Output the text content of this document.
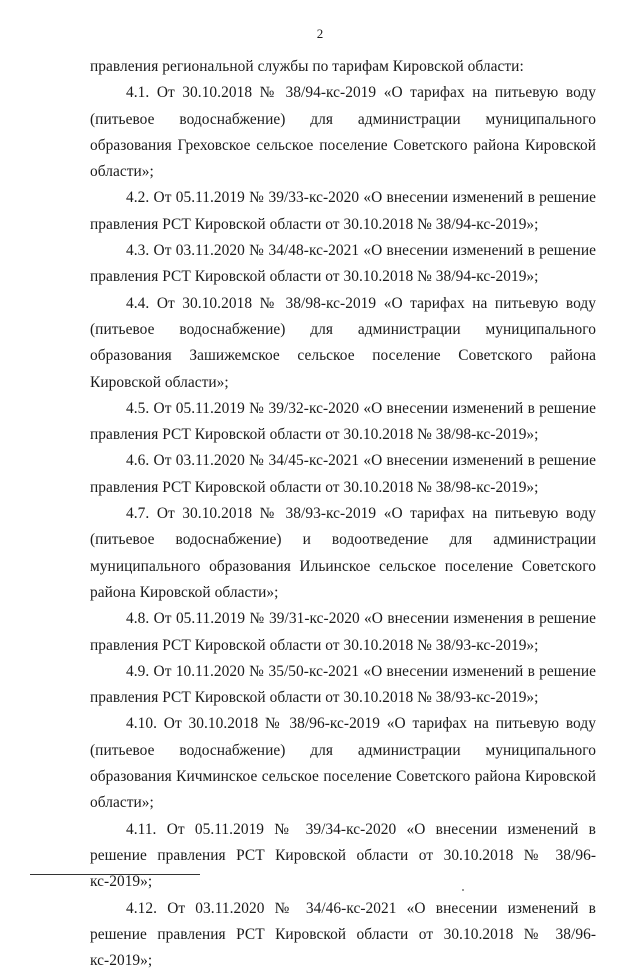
2

правления региональной службы по тарифам Кировской области:

4.1. От 30.10.2018 № 38/94-кс-2019 «О тарифах на питьевую воду (питьевое водоснабжение) для администрации муниципального образования Греховское сельское поселение Советского района Кировской области»;

4.2. От 05.11.2019 № 39/33-кс-2020 «О внесении изменений в решение правления РСТ Кировской области от 30.10.2018 № 38/94-кс-2019»;

4.3. От 03.11.2020 № 34/48-кс-2021 «О внесении изменений в решение правления РСТ Кировской области от 30.10.2018 № 38/94-кс-2019»;

4.4. От 30.10.2018 № 38/98-кс-2019 «О тарифах на питьевую воду (питьевое водоснабжение) для администрации муниципального образования Зашижемское сельское поселение Советского района Кировской области»;

4.5. От 05.11.2019 № 39/32-кс-2020 «О внесении изменений в решение правления РСТ Кировской области от 30.10.2018 № 38/98-кс-2019»;

4.6. От 03.11.2020 № 34/45-кс-2021 «О внесении изменений в решение правления РСТ Кировской области от 30.10.2018 № 38/98-кс-2019»;

4.7. От 30.10.2018 № 38/93-кс-2019 «О тарифах на питьевую воду (питьевое водоснабжение) и водоотведение для администрации муниципального образования Ильинское сельское поселение Советского района Кировской области»;

4.8. От 05.11.2019 № 39/31-кс-2020 «О внесении изменения в решение правления РСТ Кировской области от 30.10.2018 № 38/93-кс-2019»;

4.9. От 10.11.2020 № 35/50-кс-2021 «О внесении изменений в решение правления РСТ Кировской области от 30.10.2018 № 38/93-кс-2019»;

4.10. От 30.10.2018 № 38/96-кс-2019 «О тарифах на питьевую воду (питьевое водоснабжение) для администрации муниципального образования Кичминское сельское поселение Советского района Кировской области»;

4.11. От 05.11.2019 № 39/34-кс-2020 «О внесении изменений в решение правления РСТ Кировской области от 30.10.2018 № 38/96-кс-2019»;

4.12. От 03.11.2020 № 34/46-кс-2021 «О внесении изменений в решение правления РСТ Кировской области от 30.10.2018 № 38/96-кс-2019»;
